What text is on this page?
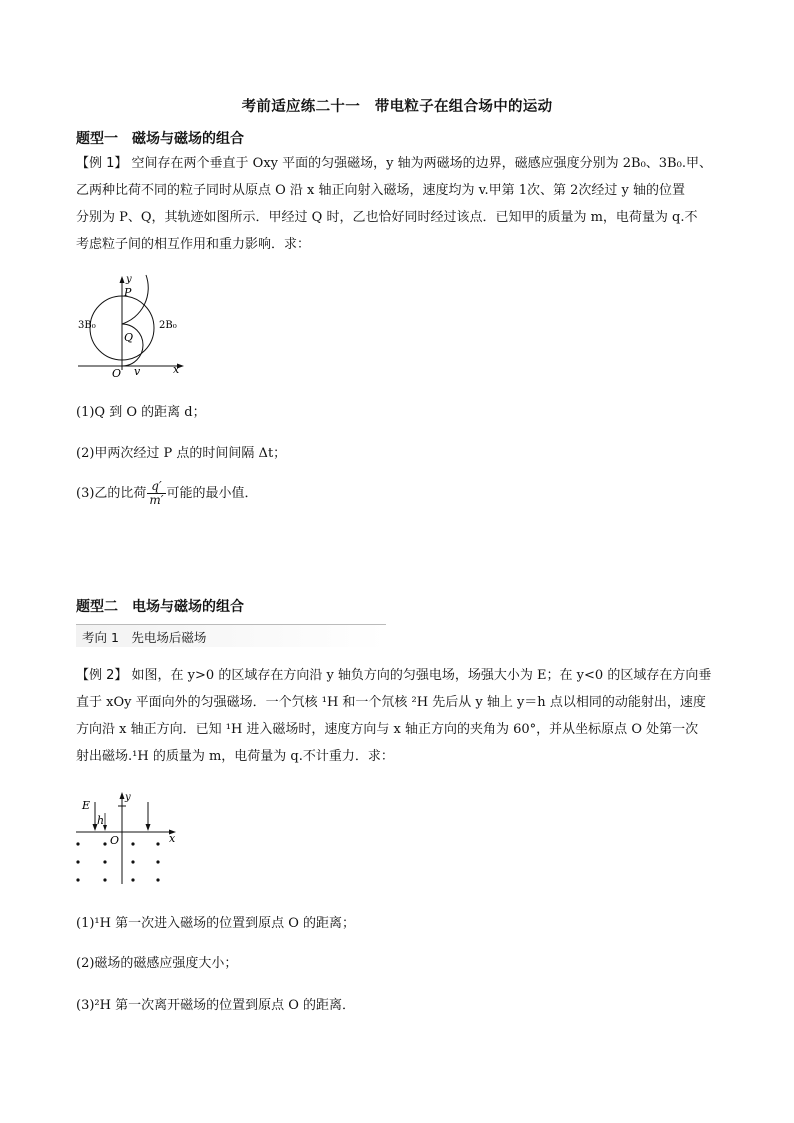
考前适应练二十一　带电粒子在组合场中的运动
题型一　磁场与磁场的组合

【例 1】 空间存在两个垂直于 Oxy 平面的匀强磁场，y 轴为两磁场的边界，磁感应强度分别为 2B₀、3B₀.甲、

乙两种比荷不同的粒子同时从原点 O 沿 x 轴正向射入磁场，速度均为 v.甲第 1次、第 2次经过 y 轴的位置

分别为 P、Q，其轨迹如图所示．甲经过 Q 时，乙也恰好同时经过该点．已知甲的质量为 m，电荷量为 q.不

考虑粒子间的相互作用和重力影响．求：

y
x
O
P
Q
3B₀	2B₀
v
(1)Q 到 O 的距离 d；
(2)甲两次经过 P 点的时间间隔 Δt；
(3)乙的比荷 $\frac{q'}{m'}$ 可能的最小值．
题型二　电场与磁场的组合
考向 1　先电场后磁场

【例 2】 如图，在 y>0 的区域存在方向沿 y 轴负方向的匀强电场，场强大小为 E；在 y<0 的区域存在方向垂

直于 xOy 平面向外的匀强磁场．一个氕核 ¹H 和一个氘核 ²H 先后从 y 轴上 y＝h 点以相同的动能射出，速度

方向沿 x 轴正方向．已知 ¹H 进入磁场时，速度方向与 x 轴正方向的夹角为 60°，并从坐标原点 O 处第一次

射出磁场.¹H 的质量为 m，电荷量为 q.不计重力．求：

E
h
y
x
O
(1)¹H 第一次进入磁场的位置到原点 O 的距离；
(2)磁场的磁感应强度大小；
(3)²H 第一次离开磁场的位置到原点 O 的距离．
